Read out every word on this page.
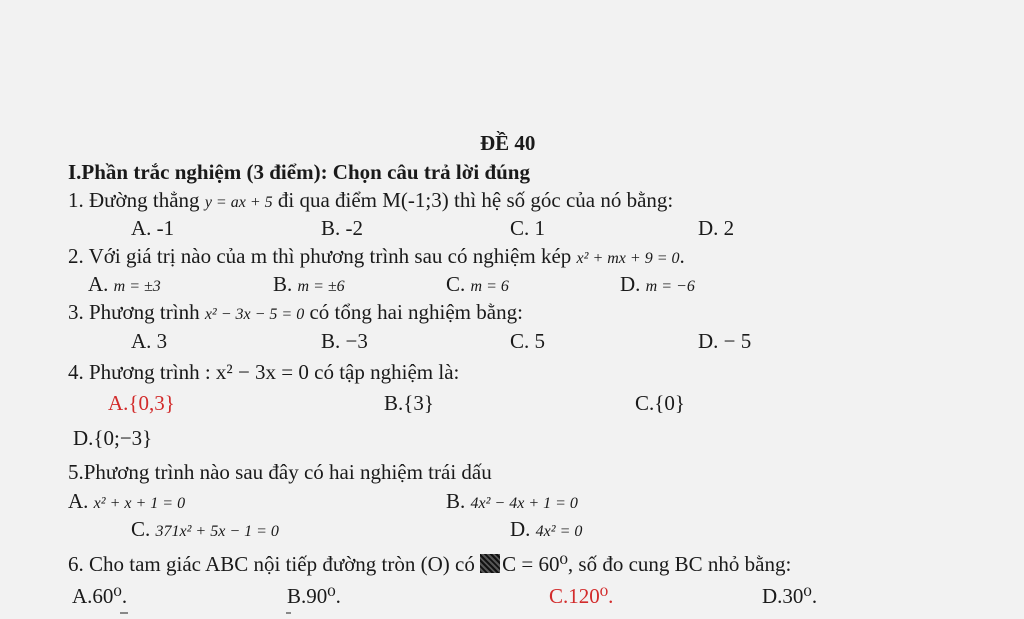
ĐỀ 40
I.Phần trắc nghiệm (3 điểm): Chọn câu trả lời đúng
1. Đường thẳng y = ax + 5 đi qua điểm M(-1;3) thì hệ số góc của nó bằng:
A. -1	B. -2	C. 1	D. 2
2. Với giá trị nào của m thì phương trình sau có nghiệm kép x² + mx + 9 = 0.
A. m = ±3	B. m = ±6	C. m = 6	D. m = −6
3. Phương trình x² − 3x − 5 = 0 có tổng hai nghiệm bằng:
A. 3	B. −3	C. 5	D. − 5
4. Phương trình : x² − 3x = 0 có tập nghiệm là:
A.{0,3}	B.{3}	C.{0}
D.{0;−3}
5.Phương trình nào sau đây có hai nghiệm trái dấu
A. x² + x + 1 = 0	B. 4x² − 4x + 1 = 0
C. 371x² + 5x − 1 = 0	D. 4x² = 0
6. Cho tam giác ABC nội tiếp đường tròn (O) có C = 60⁰, số đo cung BC nhỏ bằng:
A.60⁰.	B.90⁰.	C.120⁰.	D.30⁰.
